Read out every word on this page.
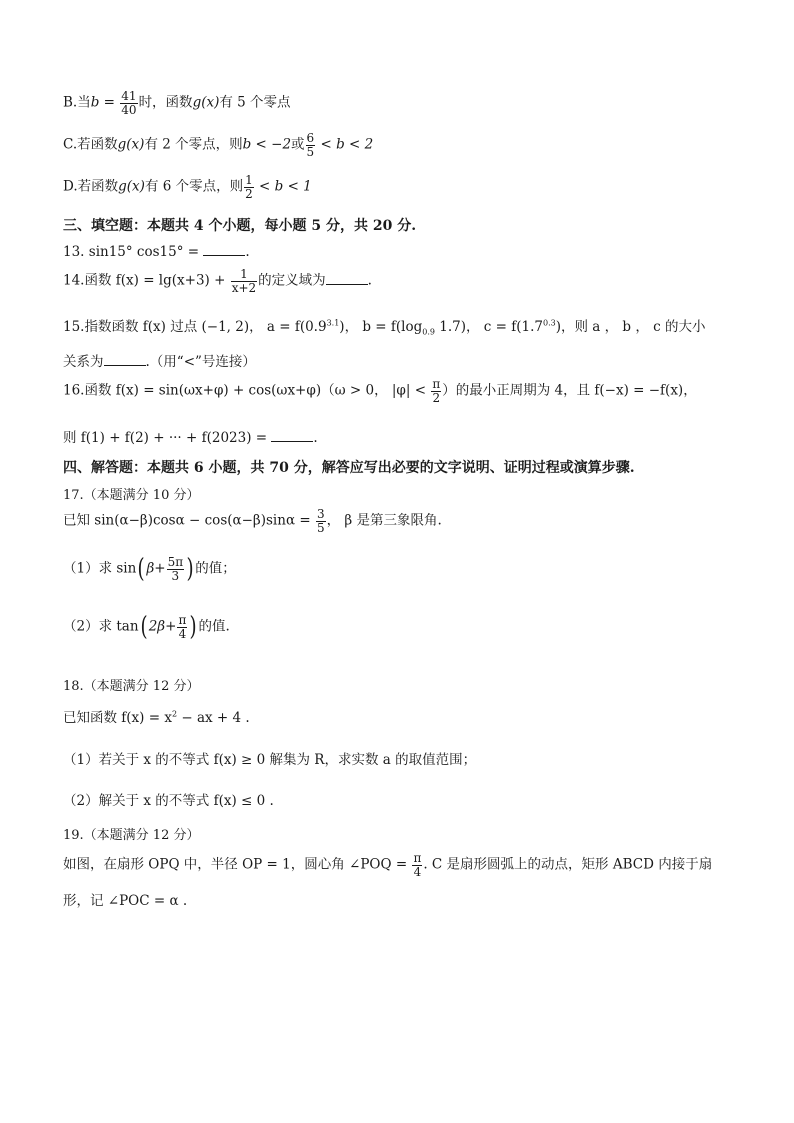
B.当$b = \frac{41}{40}$ 时，函数g(x)有 5 个零点
C.若函数g(x)有 2 个零点，则b < −2或 $\frac{6}{5} < b < 2$
D.若函数g(x)有 6 个零点，则 $\frac{1}{2} < b < 1$
三、填空题：本题共 4 个小题，每小题 5 分，共 20 分.
13. sin15° cos15° =	.
14.函数 $f(x) = \lg(x+3) + \frac{1}{x+2}$ 的定义域为	.
15.指数函数 f(x) 过点 (−1, 2)， $a = f(0.9^{3.1})$， $b = f(\log_{0.9}$ 1.7)， $c = f(1.7^{0.3})$，则 a ， b ， c 的大小
关系为	.（用“<”号连接）
16.函数 f(x) = sin(ωx+φ) + cos(ωx+φ)（ω > 0， $|\varphi| < \frac{\pi}{2}$ ）的最小正周期为 4，且 f(−x) = −f(x)，
则 f(1) + f(2) + ··· + f(2023) =	.
四、解答题：本题共 6 小题，共 70 分，解答应写出必要的文字说明、证明过程或演算步骤.
17.（本题满分 10 分）
已知 $\sin(\alpha-\beta)\cos\alpha - \cos(\alpha-\beta)\sin\alpha = \frac{3}{5}$ ， β 是第三象限角.
（1）求 sin( $\beta+ \frac{5\pi}{3}$ ) 的值；
（2）求 tan( $2\beta+ \frac{\pi}{4}$ ) 的值.
18.（本题满分 12 分）
已知函数 $f(x) = x^2$ − ax + 4 .
（1）若关于 x 的不等式 f(x) ≥ 0 解集为 R，求实数 a 的取值范围；
（2）解关于 x 的不等式 f(x) ≤ 0 .
19.（本题满分 12 分）
如图，在扇形 OPQ 中，半径 OP = 1，圆心角 ∠POQ = $\frac{\pi}{4}$ . C 是扇形圆弧上的动点，矩形 ABCD 内接于扇
形，记 ∠POC = α .
